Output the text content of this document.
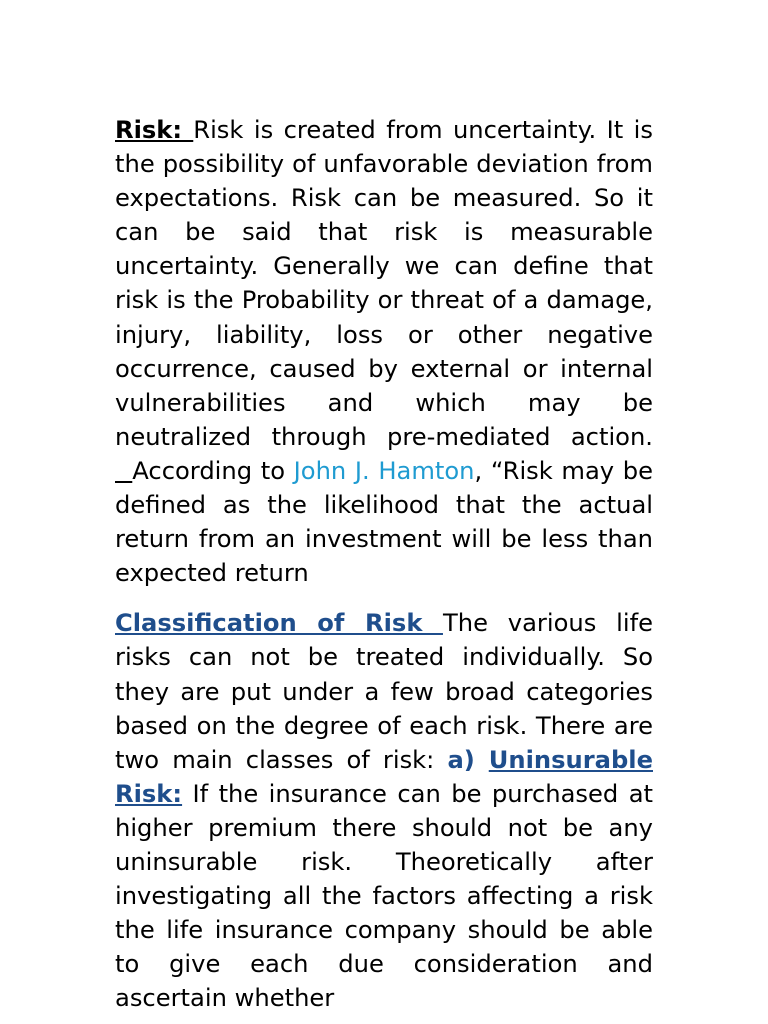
Risk: Risk is created from uncertainty. It is the possibility of unfavorable deviation from expectations. Risk can be measured. So it can be said that risk is measurable uncertainty. Generally we can define that risk is the Probability or threat of a damage, injury, liability, loss or other negative occurrence, caused by external or internal vulnerabilities and which may be neutralized through pre-mediated action.  According to John J. Hamton, “Risk may be defined as the likelihood that the actual return from an investment will be less than expected return

Classification of Risk The various life risks can not be treated individually. So they are put under a few broad categories based on the degree of each risk. There are two main classes of risk: a) Uninsurable Risk: If the insurance can be purchased at higher premium there should not be any uninsurable risk. Theoretically after investigating all the factors affecting a risk the life insurance company should be able to give each due consideration and ascertain whether
